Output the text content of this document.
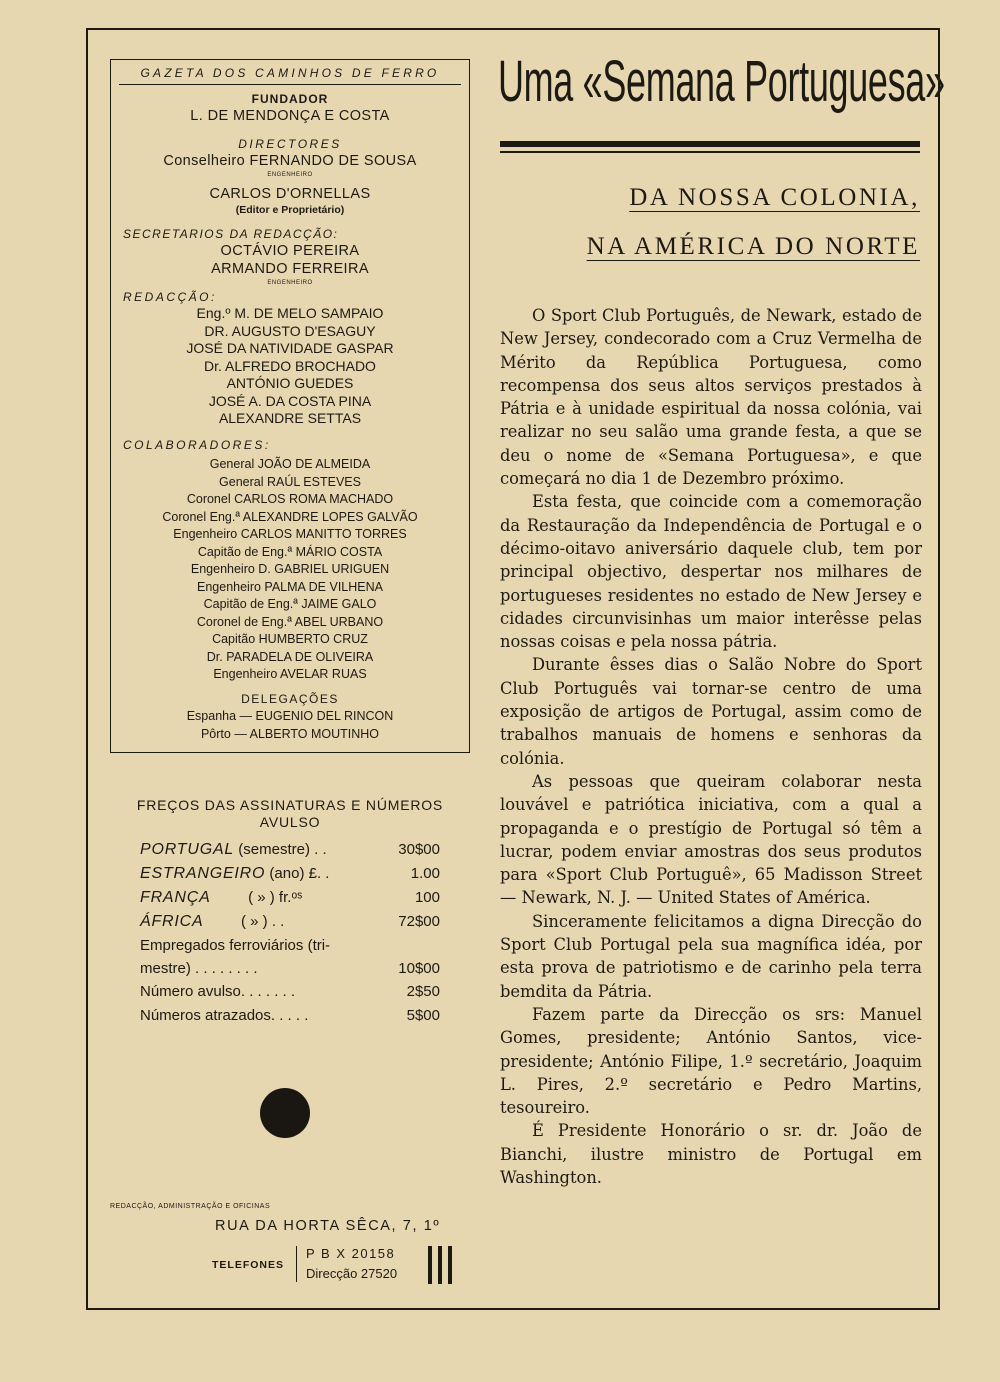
GAZETA DOS CAMINHOS DE FERRO
FUNDADOR
L. DE MENDONÇA E COSTA
DIRECTORES
Conselheiro FERNANDO DE SOUSA
ENGENHEIRO
CARLOS D'ORNELLAS
(Editor e Proprietário)
SECRETARIOS DA REDACÇÃO:
OCTÁVIO PEREIRA
ARMANDO FERREIRA
ENGENHEIRO
REDACÇÃO:
Eng.º M. DE MELO SAMPAIO
DR. AUGUSTO D'ESAGUY
JOSÉ DA NATIVIDADE GASPAR
Dr. ALFREDO BROCHADO
ANTÓNIO GUEDES
JOSÉ A. DA COSTA PINA
ALEXANDRE SETTAS
COLABORADORES:
General JOÃO DE ALMEIDA
General RAÚL ESTEVES
Coronel CARLOS ROMA MACHADO
Coronel Eng.ª ALEXANDRE LOPES GALVÃO
Engenheiro CARLOS MANITTO TORRES
Capitão de Eng.ª MÁRIO COSTA
Engenheiro D. GABRIEL URIGUEN
Engenheiro PALMA DE VILHENA
Capitão de Eng.ª JAIME GALO
Coronel de Eng.ª ABEL URBANO
Capitão HUMBERTO CRUZ
Dr. PARADELA DE OLIVEIRA
Engenheiro AVELAR RUAS
DELEGAÇÕES
Espanha — EUGENIO DEL RINCON
Pôrto — ALBERTO MOUTINHO
FREÇOS DAS ASSINATURAS E NÚMEROS
AVULSO
PORTUGAL (semestre) . .	30$00
ESTRANGEIRO (ano) £. .	1.00
FRANÇA         ( » ) fr.ᵒˢ	100
ÁFRICA         ( » ) . .	72$00
Empregados ferroviários (tri-
mestre) . . . . . . . .	10$00
Número avulso. . . . . . .	2$50
Números atrazados. . . . .	5$00
REDACÇÃO, ADMINISTRAÇÃO E OFICINAS
RUA DA HORTA SÊCA, 7, 1º
TELEFONES
P B X 20158
Direcção 27520
Uma «Semana Portuguesa»
DA NOSSA COLONIA,
NA AMÉRICA DO NORTE

O Sport Club Português, de Newark, estado de New Jersey, condecorado com a Cruz Vermelha de Mérito da República Portuguesa, como recompensa dos seus altos serviços prestados à Pátria e à unidade espiritual da nossa colónia, vai realizar no seu salão uma grande festa, a que se deu o nome de «Semana Portuguesa», e que começará no dia 1 de Dezembro próximo.

Esta festa, que coincide com a comemoração da Restauração da Independência de Portugal e o décimo-oitavo aniversário daquele club, tem por principal objectivo, despertar nos milhares de portugueses residentes no estado de New Jersey e cidades circunvisinhas um maior interêsse pelas nossas coisas e pela nossa pátria.

Durante êsses dias o Salão Nobre do Sport Club Português vai tornar-se centro de uma exposição de artigos de Portugal, assim como de trabalhos manuais de homens e senhoras da colónia.

As pessoas que queiram colaborar nesta louvável e patriótica iniciativa, com a qual a propaganda e o prestígio de Portugal só têm a lucrar, podem enviar amostras dos seus produtos para «Sport Club Portuguê», 65 Madisson Street — Newark, N. J. — United States of América.

Sinceramente felicitamos a digna Direcção do Sport Club Portugal pela sua magnífica idéa, por esta prova de patriotismo e de carinho pela terra bemdita da Pátria.

Fazem parte da Direcção os srs: Manuel Gomes, presidente; António Santos, vice-presidente; António Filipe, 1.º secretário, Joaquim L. Pires, 2.º secretário e Pedro Martins, tesoureiro.

É Presidente Honorário o sr. dr. João de Bianchi, ilustre ministro de Portugal em Washington.
